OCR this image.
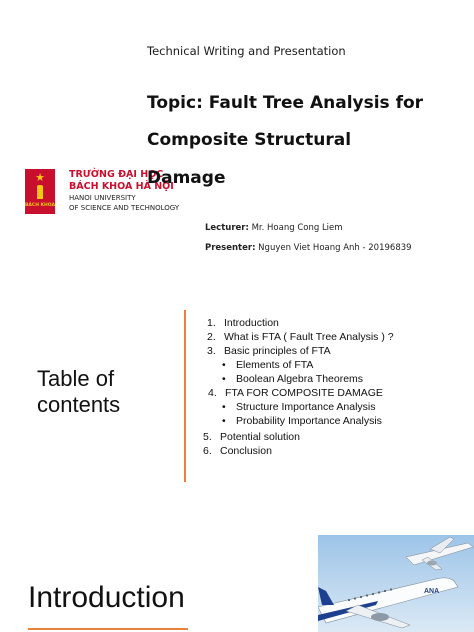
Technical Writing and Presentation
Topic: Fault Tree Analysis for
Composite Structural
★
BÁCH KHOA
TRƯỜNG ĐẠI HỌC
BÁCH KHOA HÀ NỘI
HANOI UNIVERSITY
OF SCIENCE AND TECHNOLOGY
Damage
Lecturer: Mr. Hoang Cong Liem
Presenter: Nguyen Viet Hoang Anh - 20196839
Table of
contents
1. Introduction
2. What is FTA ( Fault Tree Analysis ) ?
3. Basic principles of FTA
• Elements of FTA
• Boolean Algebra Theorems
4. FTA FOR COMPOSITE DAMAGE
• Structure Importance Analysis
• Probability Importance Analysis
5. Potential solution
6. Conclusion
Introduction	ANA
